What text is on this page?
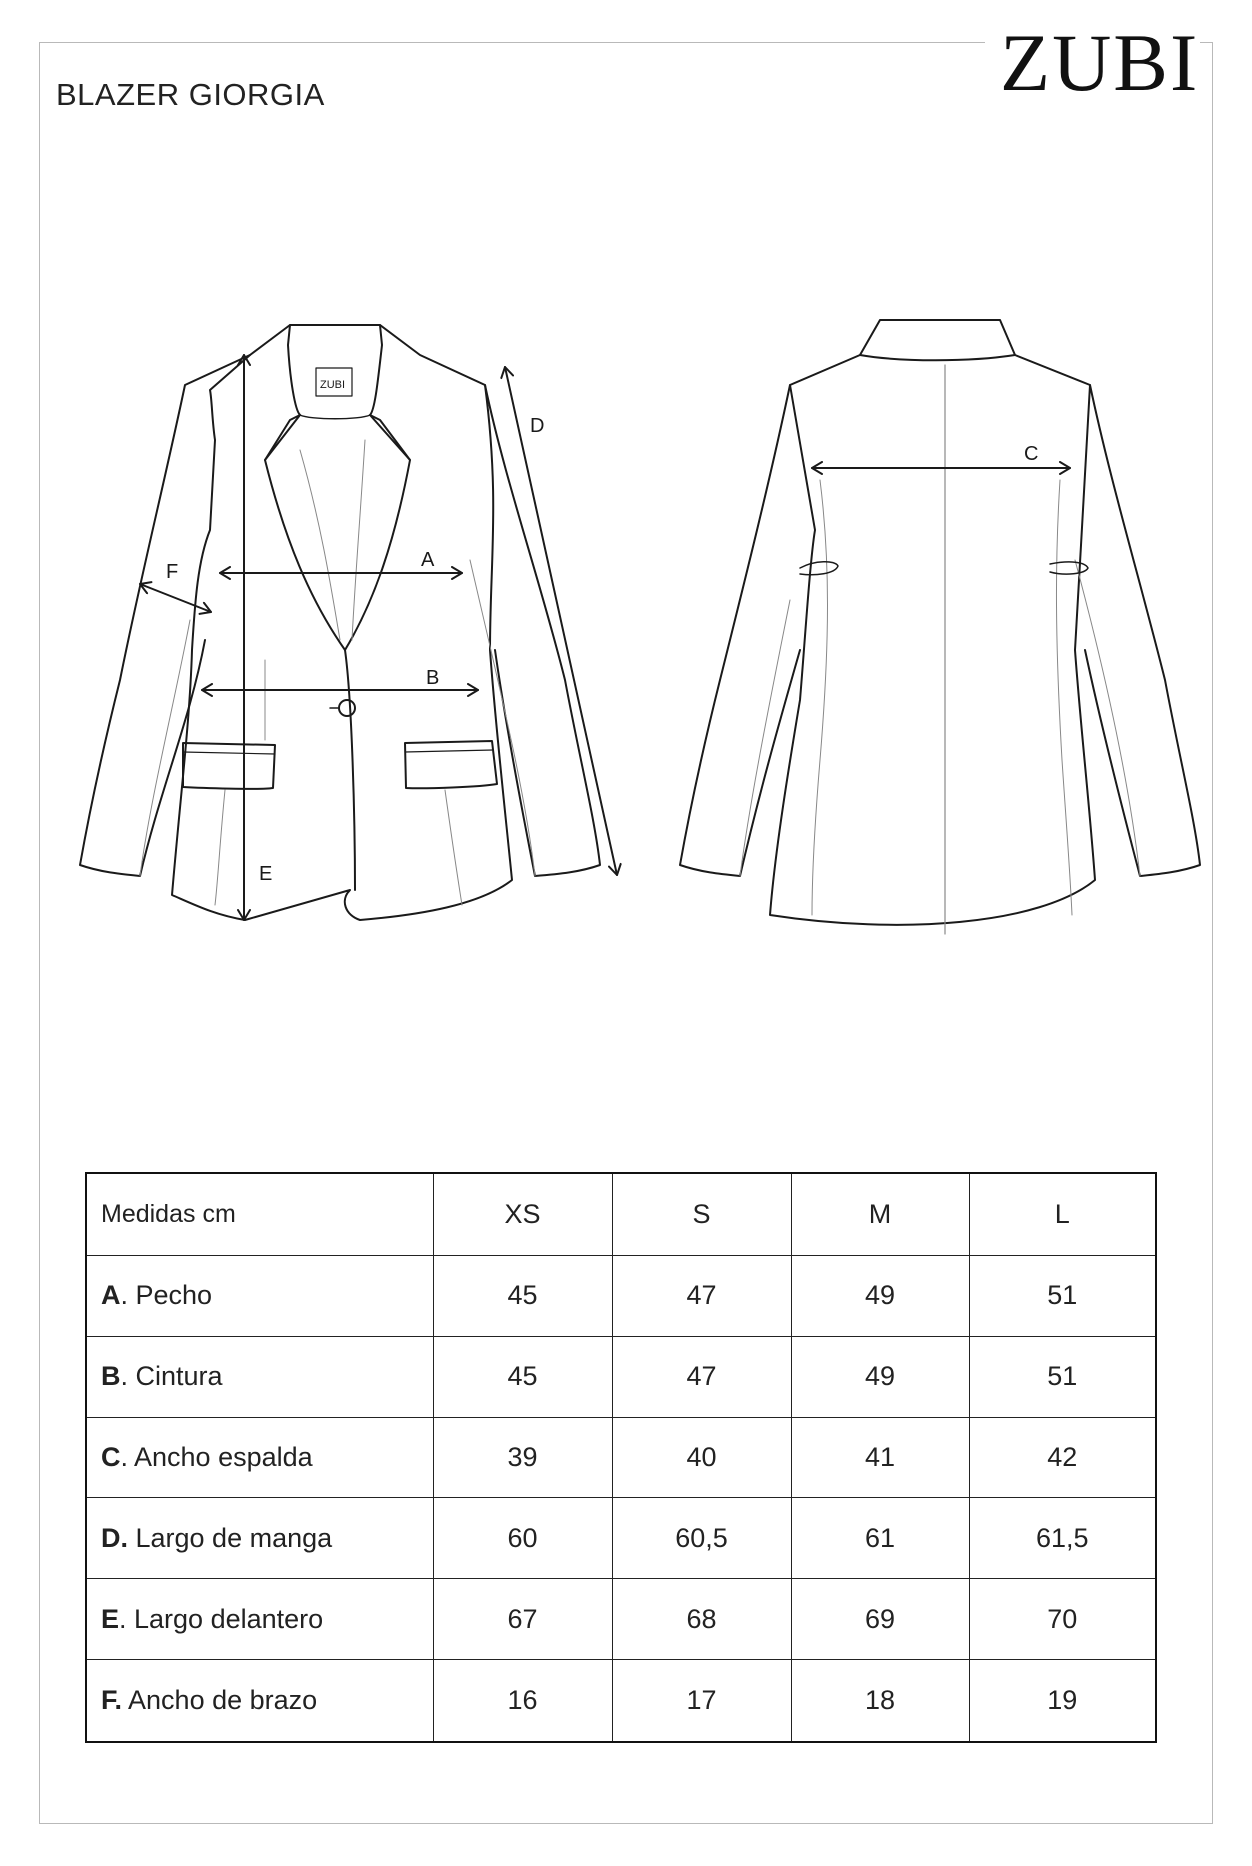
ZUBI
BLAZER GIORGIA
A
B
C
D
E
F
ZUBI
Medidas cm	XS	S	M	L
A. Pecho	45	47	49	51
B. Cintura	45	47	49	51
C. Ancho espalda	39	40	41	42
D. Largo de manga	60	60,5	61	61,5
E. Largo delantero	67	68	69	70
F. Ancho de brazo	16	17	18	19
